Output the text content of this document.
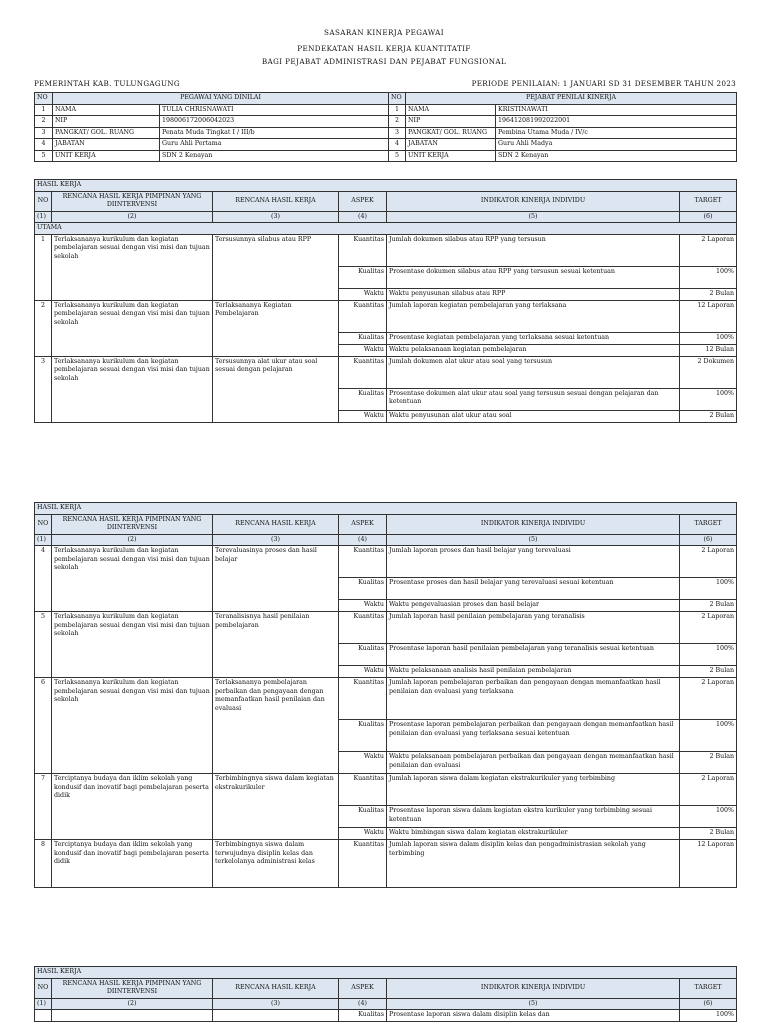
SASARAN KINERJA PEGAWAI
PENDEKATAN HASIL KERJA KUANTITATIF
BAGI PEJABAT ADMINISTRASI DAN PEJABAT FUNGSIONAL
PEMERINTAH KAB. TULUNGAGUNG	PERIODE PENILAIAN: 1 JANUARI SD 31 DESEMBER TAHUN 2023
NO	PEGAWAI YANG DINILAI		NO	PEJABAT PENILAI KINERJA	
1	NAMA	TULIA CHRISNAWATI	1	NAMA	KRISTINAWATI
2	NIP	198006172006042023	2	NIP	196412081992022001
3	PANGKAT/ GOL. RUANG	Penata Muda Tingkat I / III/b	3	PANGKAT/ GOL. RUANG	Pembina Utama Muda / IV/c
4	JABATAN	Guru Ahli Pertama	4	JABATAN	Guru Ahli Madya
5	UNIT KERJA	SDN 2 Kenayan	5	UNIT KERJA	SDN 2 Kenayan
HASIL KERJA					
NO	RENCANA HASIL KERJA PIMPINAN YANG DIINTERVENSI	RENCANA HASIL KERJA	ASPEK	INDIKATOR KINERJA INDIVIDU	TARGET
(1)	(2)	(3)	(4)	(5)	(6)
UTAMA					
1	Terlaksananya kurikulum dan kegiatan pembelajaran sesuai dengan visi misi dan tujuan sekolah	Tersusunnya silabus atau RPP	Kuantitas	Jumlah dokumen silabus atau RPP yang tersusun	2 Laporan
			Kualitas	Prosentase dokumen silabus atau RPP yang tersusun sesuai ketentuan	100%
			Waktu	Waktu penyusunan silabus atau RPP	2 Bulan
2	Terlaksananya kurikulum dan kegiatan pembelajaran sesuai dengan visi misi dan tujuan sekolah	Terlaksananya Kegiatan Pembelajaran	Kuantitas	Jumlah laporan kegiatan pembelajaran yang terlaksana	12 Laporan
			Kualitas	Prosentase kegiatan pembelajaran yang terlaksana sesuai ketentuan	100%
			Waktu	Waktu pelaksanaan kegiatan pembelajaran	12 Bulan
3	Terlaksananya kurikulum dan kegiatan pembelajaran sesuai dengan visi misi dan tujuan sekolah	Tersusunnya alat ukur atau soal sesuai dengan pelajaran	Kuantitas	Jumlah dokumen alat ukur atau soal yang tersusun	2 Dokumen
			Kualitas	Prosentase dokumen alat ukur atau soal yang tersusun sesuai dengan pelajaran dan ketentuan	100%
			Waktu	Waktu penyusunan alat ukur atau soal	2 Bulan
HASIL KERJA					
NO	RENCANA HASIL KERJA PIMPINAN YANG DIINTERVENSI	RENCANA HASIL KERJA	ASPEK	INDIKATOR KINERJA INDIVIDU	TARGET
(1)	(2)	(3)	(4)	(5)	(6)
4	Terlaksananya kurikulum dan kegiatan pembelajaran sesuai dengan visi misi dan tujuan sekolah	Terevaluasinya proses dan hasil belajar	Kuantitas	Jumlah laporan proses dan hasil belajar yang terevaluasi	2 Laporan
			Kualitas	Prosentase proses dan hasil belajar yang terevaluasi sesuai ketentuan	100%
			Waktu	Waktu pengevaluasian proses dan hasil belajar	2 Bulan
5	Terlaksananya kurikulum dan kegiatan pembelajaran sesuai dengan visi misi dan tujuan sekolah	Teranalisisnya hasil penilaian pembelajaran	Kuantitas	Jumlah laporan hasil penilaian pembelajaran yang teranalisis	2 Laporan
			Kualitas	Prosentase laporan hasil penilaian pembelajaran yang teranalisis sesuai ketentuan	100%
			Waktu	Waktu pelaksanaan analisis hasil penilaian pembelajaran	2 Bulan
6	Terlaksananya kurikulum dan kegiatan pembelajaran sesuai dengan visi misi dan tujuan sekolah	Terlaksananya pembelajaran perbaikan dan pengayaan dengan memanfaatkan hasil penilaian dan evaluasi	Kuantitas	Jumlah laporan pembelajaran perbaikan dan pengayaan dengan memanfaatkan hasil penilaian dan evaluasi yang terlaksana	2 Laporan
			Kualitas	Prosentase laporan pembelajaran perbaikan dan pengayaan dengan memanfaatkan hasil penilaian dan evaluasi yang terlaksana sesuai ketentuan	100%
			Waktu	Waktu pelaksanaan pembelajaran perbaikan dan pengayaan dengan memanfaatkan hasil penilaian dan evaluasi	2 Bulan
7	Terciptanya budaya dan iklim sekolah yang kondusif dan inovatif bagi pembelajaran peserta didik	Terbimbingnya siswa dalam kegiatan ekstrakurikuler	Kuantitas	Jumlah laporan siswa dalam kegiatan ekstrakurikuler yang terbimbing	2 Laporan
			Kualitas	Prosentase laporan siswa dalam kegiatan ekstra kurikuler yang terbimbing sesuai ketentuan	100%
			Waktu	Waktu bimbingan siswa dalam kegiatan ekstrakurikuler	2 Bulan
8	Terciptanya budaya dan iklim sekolah yang kondusif dan inovatif bagi pembelajaran peserta didik	Terbimbingnya siswa dalam terwujudnya disiplin kelas dan terkelolanya administrasi kelas	Kuantitas	Jumlah laporan siswa dalam disiplin kelas dan pengadministrasian sekolah yang terbimbing	12 Laporan
HASIL KERJA					
NO	RENCANA HASIL KERJA PIMPINAN YANG DIINTERVENSI	RENCANA HASIL KERJA	ASPEK	INDIKATOR KINERJA INDIVIDU	TARGET
(1)	(2)	(3)	(4)	(5)	(6)
			Kualitas	Prosentase laporan siswa dalam disiplin kelas dan	100%
